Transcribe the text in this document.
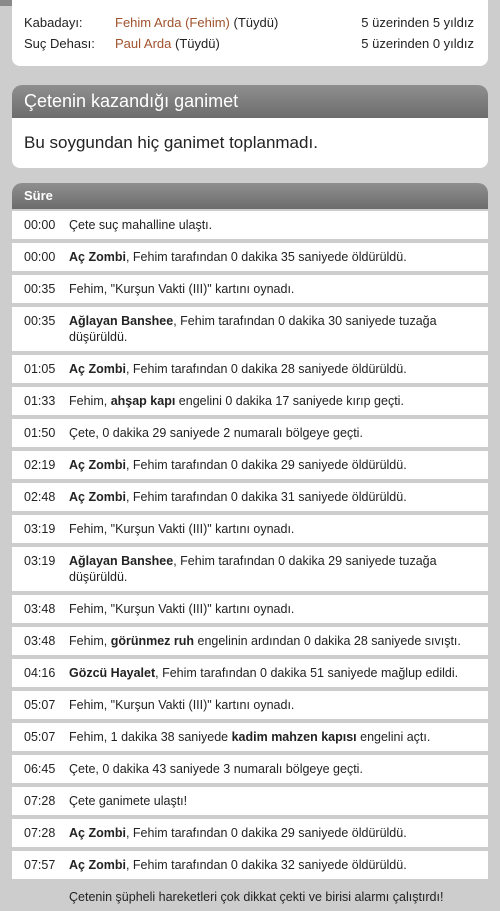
Kabadayı: Fehim Arda (Fehim) (Tüydü)	5 üzerinden 5 yıldız
Suç Dehası: Paul Arda (Tüydü)	5 üzerinden 0 yıldız
Çetenin kazandığı ganimet
Bu soygundan hiç ganimet toplanmadı.
Süre
00:00 Çete suç mahalline ulaştı.
00:00 Aç Zombi, Fehim tarafından 0 dakika 35 saniyede öldürüldü.
00:35 Fehim, "Kurşun Vakti (III)" kartını oynadı.
00:35 Ağlayan Banshee, Fehim tarafından 0 dakika 30 saniyede tuzağa düşürüldü.
01:05 Aç Zombi, Fehim tarafından 0 dakika 28 saniyede öldürüldü.
01:33 Fehim, ahşap kapı engelini 0 dakika 17 saniyede kırıp geçti.
01:50 Çete, 0 dakika 29 saniyede 2 numaralı bölgeye geçti.
02:19 Aç Zombi, Fehim tarafından 0 dakika 29 saniyede öldürüldü.
02:48 Aç Zombi, Fehim tarafından 0 dakika 31 saniyede öldürüldü.
03:19 Fehim, "Kurşun Vakti (III)" kartını oynadı.
03:19 Ağlayan Banshee, Fehim tarafından 0 dakika 29 saniyede tuzağa düşürüldü.
03:48 Fehim, "Kurşun Vakti (III)" kartını oynadı.
03:48 Fehim, görünmez ruh engelinin ardından 0 dakika 28 saniyede sıvıştı.
04:16 Gözcü Hayalet, Fehim tarafından 0 dakika 51 saniyede mağlup edildi.
05:07 Fehim, "Kurşun Vakti (III)" kartını oynadı.
05:07 Fehim, 1 dakika 38 saniyede kadim mahzen kapısı engelini açtı.
06:45 Çete, 0 dakika 43 saniyede 3 numaralı bölgeye geçti.
07:28 Çete ganimete ulaştı!
07:28 Aç Zombi, Fehim tarafından 0 dakika 29 saniyede öldürüldü.
07:57 Aç Zombi, Fehim tarafından 0 dakika 32 saniyede öldürüldü.
Çetenin şüpheli hareketleri çok dikkat çekti ve birisi alarmı çalıştırdı!
